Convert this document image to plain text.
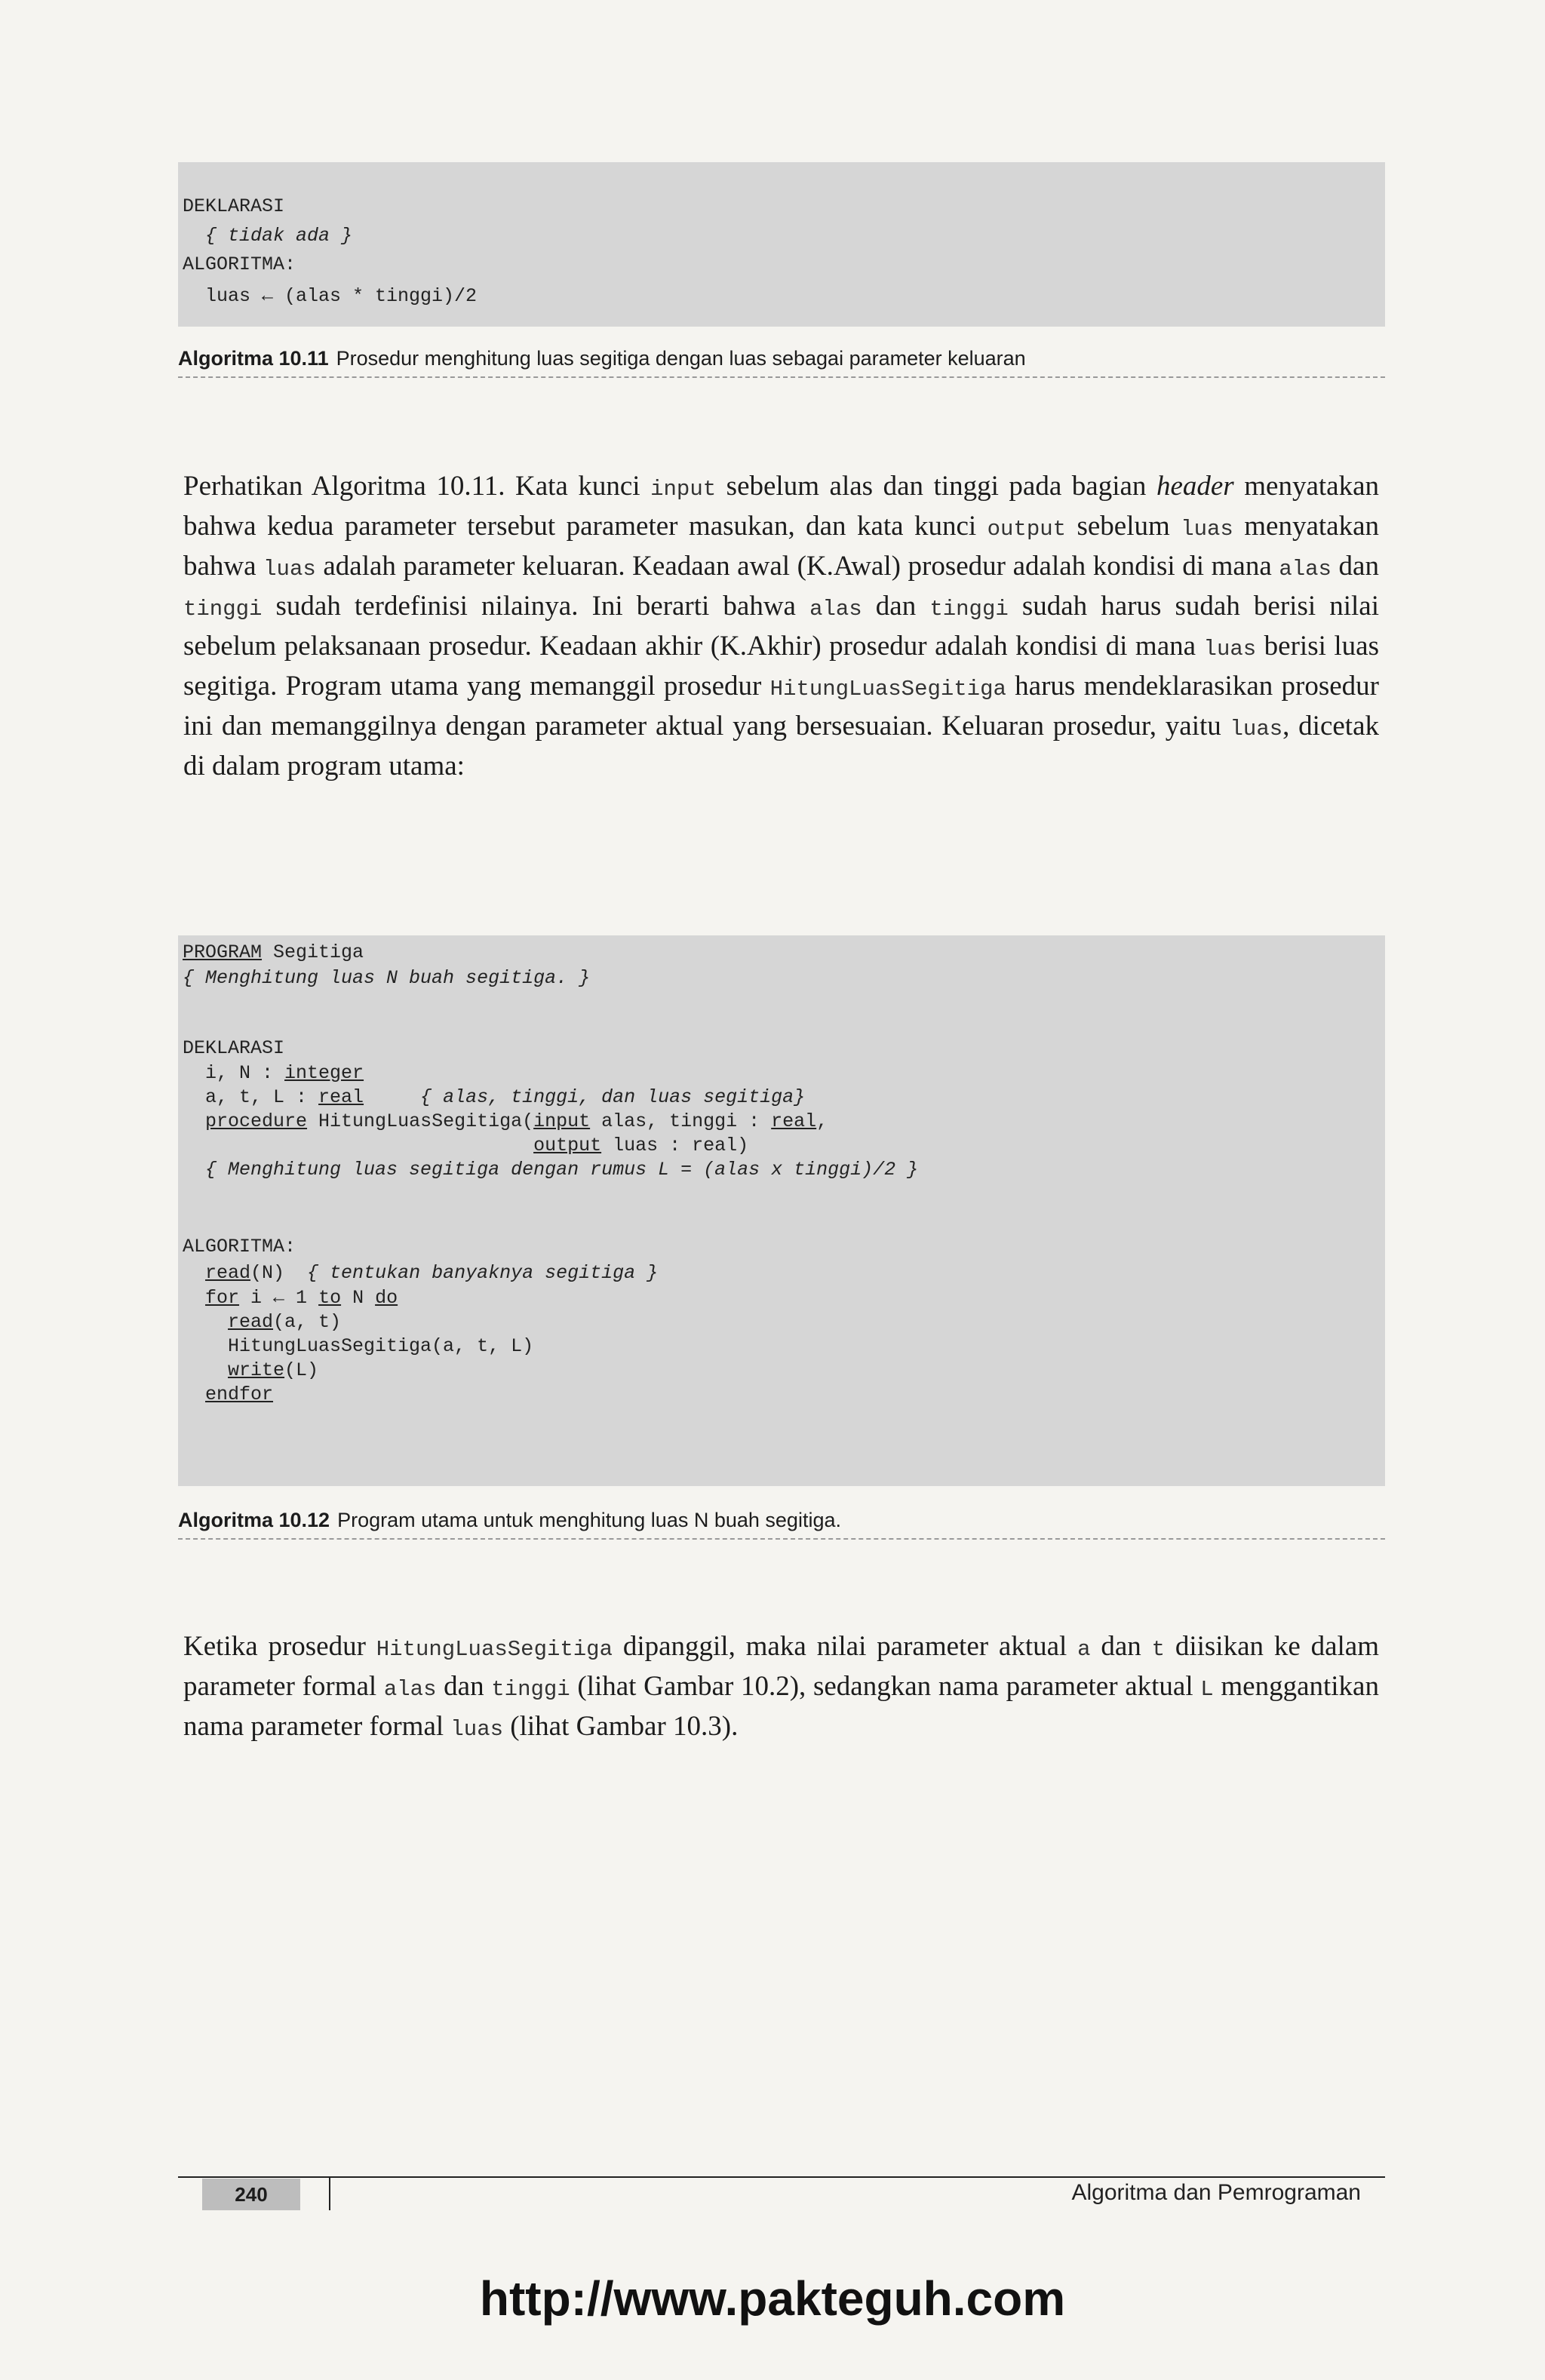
DEKLARASI
{ tidak ada }
ALGORITMA:
luas ← (alas * tinggi)/2
Algoritma 10.11 Prosedur menghitung luas segitiga dengan luas sebagai parameter keluaran

Perhatikan Algoritma 10.11. Kata kunci input sebelum alas dan tinggi pada bagian header menyatakan bahwa kedua parameter tersebut parameter masukan, dan kata kunci output sebelum luas menyatakan bahwa luas adalah parameter keluaran. Keadaan awal (K.Awal) prosedur adalah kondisi di mana alas dan tinggi sudah terdefinisi nilainya. Ini berarti bahwa alas dan tinggi sudah harus sudah berisi nilai sebelum pelaksanaan prosedur. Keadaan akhir (K.Akhir) prosedur adalah kondisi di mana luas berisi luas segitiga. Program utama yang memanggil prosedur HitungLuasSegitiga harus mendeklarasikan prosedur ini dan memanggilnya dengan parameter aktual yang bersesuaian. Keluaran prosedur, yaitu luas, dicetak di dalam program utama:

PROGRAM Segitiga
{ Menghitung luas N buah segitiga. }
DEKLARASI
i, N : integer
a, t, L : real     { alas, tinggi, dan luas segitiga}
procedure HitungLuasSegitiga(input alas, tinggi : real,
output luas : real)
{ Menghitung luas segitiga dengan rumus L = (alas x tinggi)/2 }
ALGORITMA:
read(N)  { tentukan banyaknya segitiga }
for i ← 1 to N do
read(a, t)
HitungLuasSegitiga(a, t, L)
write(L)
endfor
Algoritma 10.12 Program utama untuk menghitung luas N buah segitiga.

Ketika prosedur HitungLuasSegitiga dipanggil, maka nilai parameter aktual a dan t diisikan ke dalam parameter formal alas dan tinggi (lihat Gambar 10.2), sedangkan nama parameter aktual L menggantikan nama parameter formal luas (lihat Gambar 10.3).

240	Algoritma dan Pemrograman
http://www.pakteguh.com
